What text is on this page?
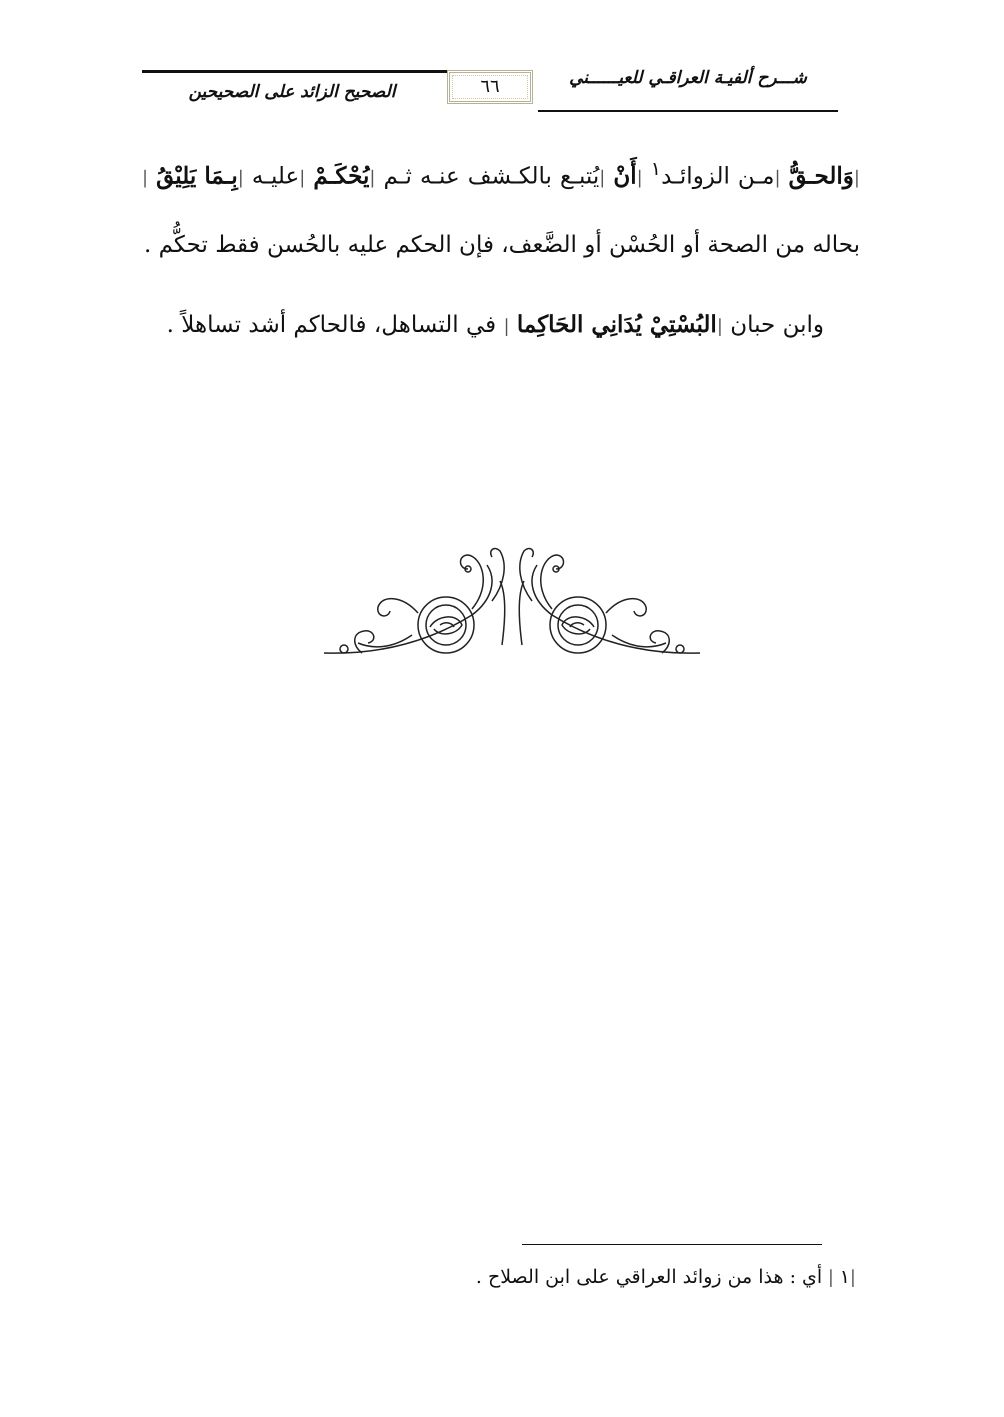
الصحيح الزائد على الصحيحين	٦٦	شـــرح ألفيـة العراقـي للعيــــــني

|وَالحـقُّ |مـن الزوائـد$^١$ |أَنْ |يُتبـع بالكـشف عنـه ثـم |يُحْكَـمْ |عليـه |بِـمَا يَلِيْقُ |بحاله من الصحة أو الحُسْن أو الضَّعف، فإن الحكم عليه بالحُسن فقط تحكُّم .

وابن حبان |البُسْتِيْ يُدَانِي الحَاكِما | في التساهل، فالحاكم أشد تساهلاً .

|١ | أي : هذا من زوائد العراقي على ابن الصلاح .
